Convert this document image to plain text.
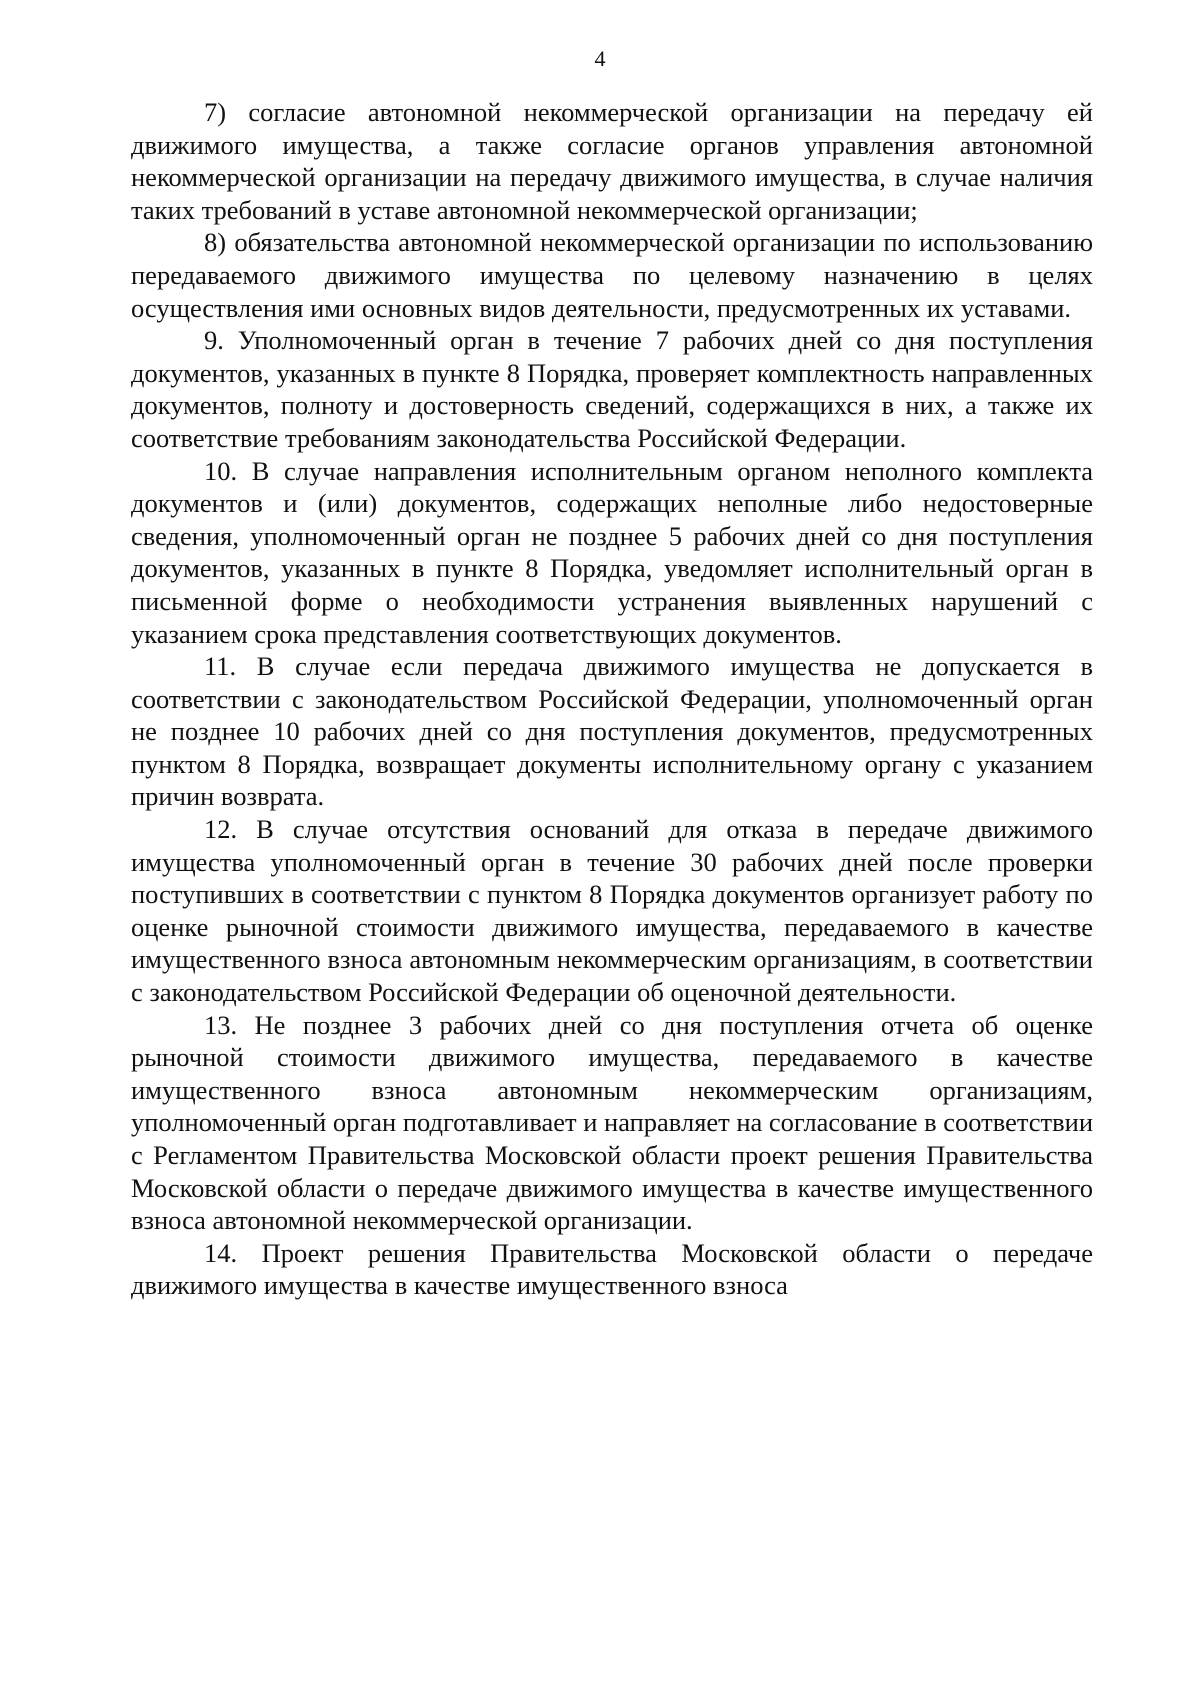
4

7) согласие автономной некоммерческой организации на передачу ей движимого имущества, а также согласие органов управления автономной некоммерческой организации на передачу движимого имущества, в случае наличия таких требований в уставе автономной некоммерческой организации;

8) обязательства автономной некоммерческой организации по использованию передаваемого движимого имущества по целевому назначению в целях осуществления ими основных видов деятельности, предусмотренных их уставами.

9. Уполномоченный орган в течение 7 рабочих дней со дня поступления документов, указанных в пункте 8 Порядка, проверяет комплектность направленных документов, полноту и достоверность сведений, содержащихся в них, а также их соответствие требованиям законодательства Российской Федерации.

10. В случае направления исполнительным органом неполного комплекта документов и (или) документов, содержащих неполные либо недостоверные сведения, уполномоченный орган не позднее 5 рабочих дней со дня поступления документов, указанных в пункте 8 Порядка, уведомляет исполнительный орган в письменной форме о необходимости устранения выявленных нарушений с указанием срока представления соответствующих документов.

11. В случае если передача движимого имущества не допускается в соответствии с законодательством Российской Федерации, уполномоченный орган не позднее 10 рабочих дней со дня поступления документов, предусмотренных пунктом 8 Порядка, возвращает документы исполнительному органу с указанием причин возврата.

12. В случае отсутствия оснований для отказа в передаче движимого имущества уполномоченный орган в течение 30 рабочих дней после проверки поступивших в соответствии с пунктом 8 Порядка документов организует работу по оценке рыночной стоимости движимого имущества, передаваемого в качестве имущественного взноса автономным некоммерческим организациям, в соответствии с законодательством Российской Федерации об оценочной деятельности.

13. Не позднее 3 рабочих дней со дня поступления отчета об оценке рыночной стоимости движимого имущества, передаваемого в качестве имущественного взноса автономным некоммерческим организациям, уполномоченный орган подготавливает и направляет на согласование в соответствии с Регламентом Правительства Московской области проект решения Правительства Московской области о передаче движимого имущества в качестве имущественного взноса автономной некоммерческой организации.

14. Проект решения Правительства Московской области о передаче движимого имущества в качестве имущественного взноса
